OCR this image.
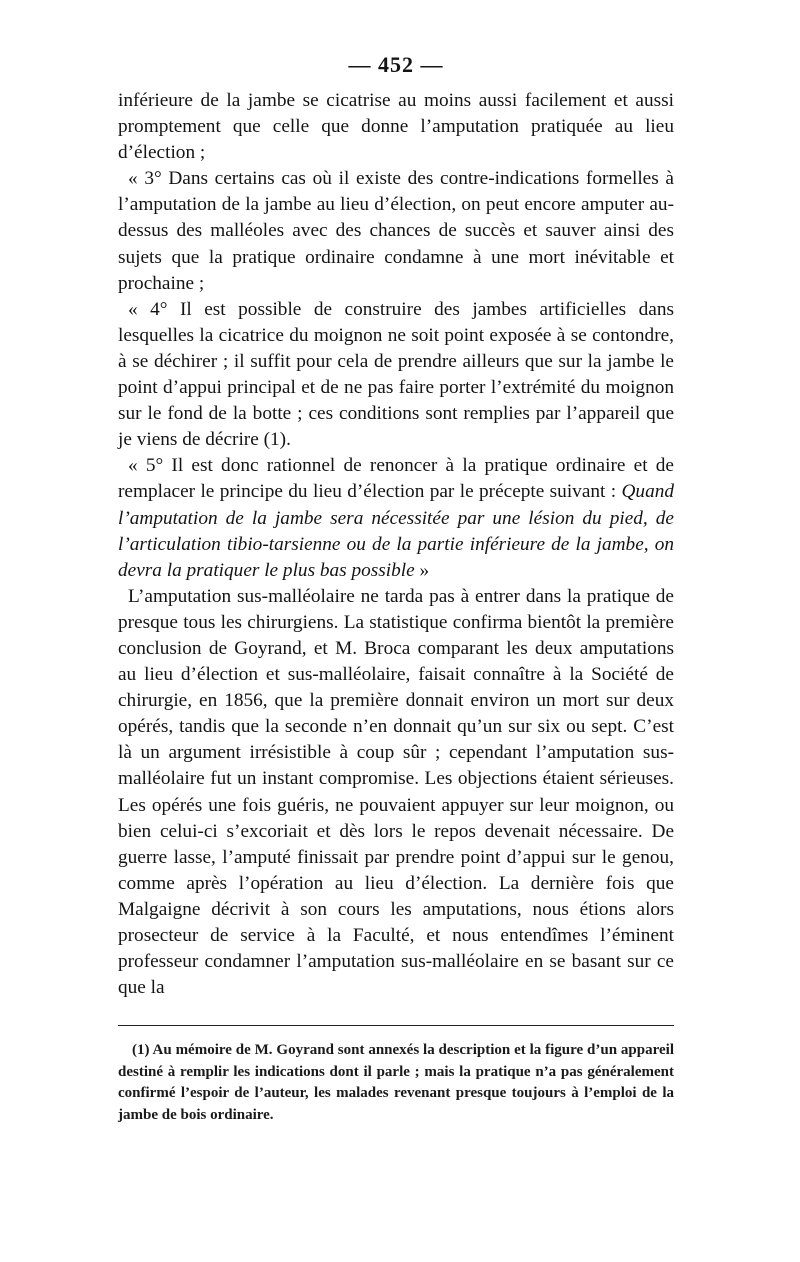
— 452 —

inférieure de la jambe se cicatrise au moins aussi facilement et aussi promptement que celle que donne l’amputation pratiquée au lieu d’élection ;

« 3° Dans certains cas où il existe des contre-indications formelles à l’amputation de la jambe au lieu d’élection, on peut encore amputer au-dessus des malléoles avec des chances de succès et sauver ainsi des sujets que la pratique ordinaire condamne à une mort inévitable et prochaine ;

« 4° Il est possible de construire des jambes artificielles dans lesquelles la cicatrice du moignon ne soit point exposée à se contondre, à se déchirer ; il suffit pour cela de prendre ailleurs que sur la jambe le point d’appui principal et de ne pas faire porter l’extrémité du moignon sur le fond de la botte ; ces conditions sont remplies par l’appareil que je viens de décrire (1).

« 5° Il est donc rationnel de renoncer à la pratique ordinaire et de remplacer le principe du lieu d’élection par le précepte suivant : Quand l’amputation de la jambe sera nécessitée par une lésion du pied, de l’articulation tibio-tarsienne ou de la partie inférieure de la jambe, on devra la pratiquer le plus bas possible »

L’amputation sus-malléolaire ne tarda pas à entrer dans la pratique de presque tous les chirurgiens. La statistique confirma bientôt la première conclusion de Goyrand, et M. Broca comparant les deux amputations au lieu d’élection et sus-malléolaire, faisait connaître à la Société de chirurgie, en 1856, que la première donnait environ un mort sur deux opérés, tandis que la seconde n’en donnait qu’un sur six ou sept. C’est là un argument irrésistible à coup sûr ; cependant l’amputation sus-malléolaire fut un instant compromise. Les objections étaient sérieuses. Les opérés une fois guéris, ne pouvaient appuyer sur leur moignon, ou bien celui-ci s’excoriait et dès lors le repos devenait nécessaire. De guerre lasse, l’amputé finissait par prendre point d’appui sur le genou, comme après l’opération au lieu d’élection. La dernière fois que Malgaigne décrivit à son cours les amputations, nous étions alors prosecteur de service à la Faculté, et nous entendîmes l’éminent professeur condamner l’amputation sus-malléolaire en se basant sur ce que la

(1) Au mémoire de M. Goyrand sont annexés la description et la figure d’un appareil destiné à remplir les indications dont il parle ; mais la pratique n’a pas généralement confirmé l’espoir de l’auteur, les malades revenant presque toujours à l’emploi de la jambe de bois ordinaire.
